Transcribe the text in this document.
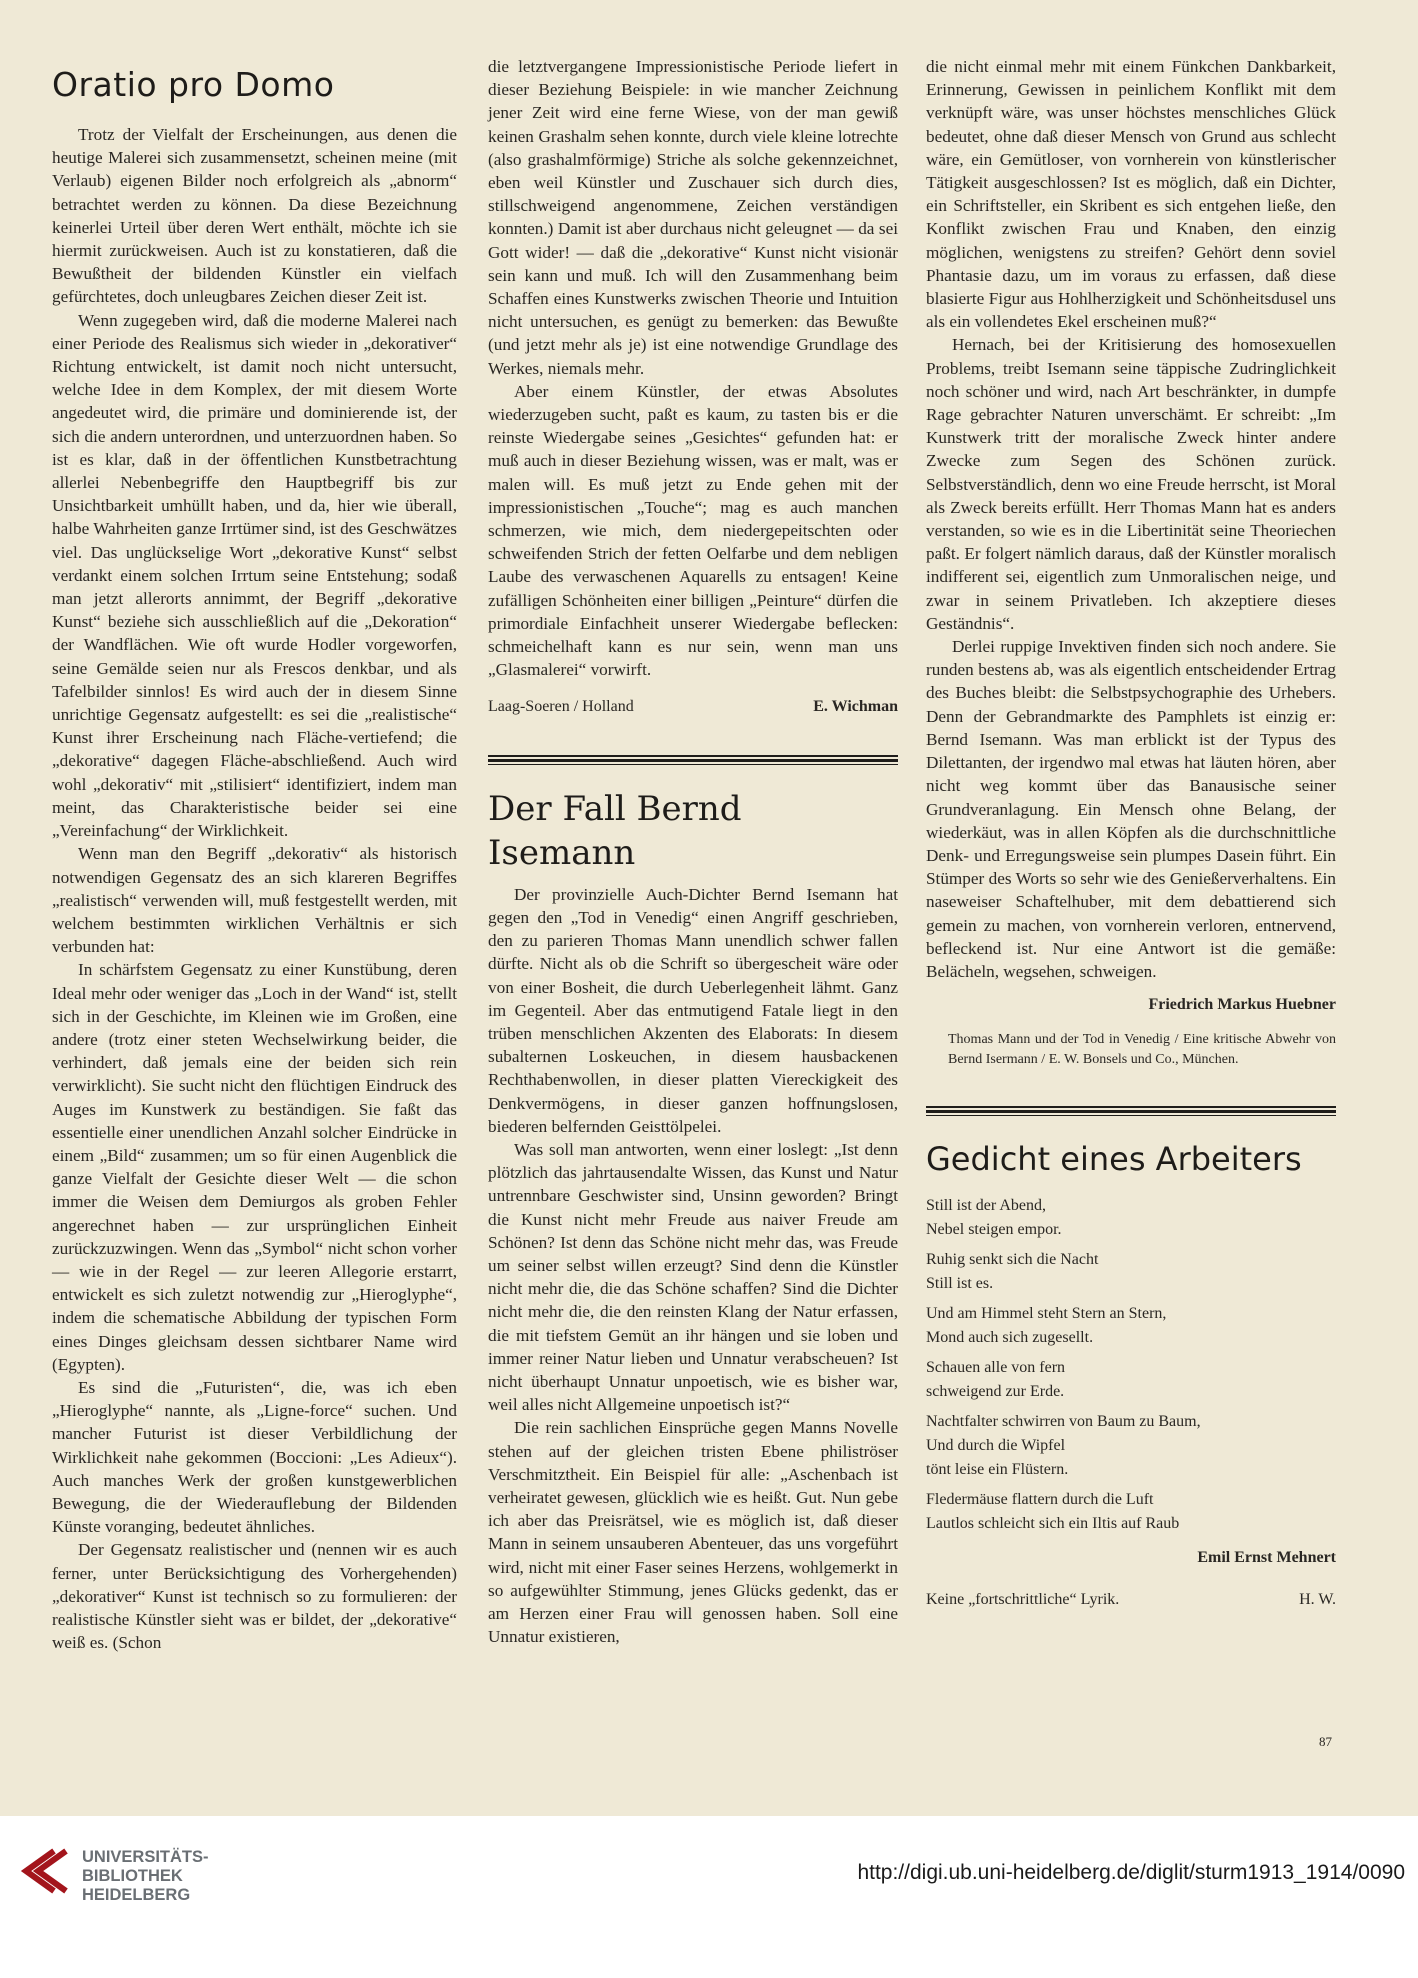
Oratio pro Domo

Trotz der Vielfalt der Erscheinungen, aus denen die heutige Malerei sich zusammensetzt, scheinen meine (mit Verlaub) eigenen Bilder noch erfolgreich als „abnorm“ betrachtet werden zu können. Da diese Bezeichnung keinerlei Urteil über deren Wert enthält, möchte ich sie hiermit zurückweisen. Auch ist zu konstatieren, daß die Bewußtheit der bildenden Künstler ein vielfach gefürchtetes, doch unleugbares Zeichen dieser Zeit ist.

Wenn zugegeben wird, daß die moderne Malerei nach einer Periode des Realismus sich wieder in „dekorativer“ Richtung entwickelt, ist damit noch nicht untersucht, welche Idee in dem Komplex, der mit diesem Worte angedeutet wird, die primäre und dominierende ist, der sich die andern unterordnen, und unterzuordnen haben. So ist es klar, daß in der öffentlichen Kunstbetrachtung allerlei Nebenbegriffe den Hauptbegriff bis zur Unsichtbarkeit umhüllt haben, und da, hier wie überall, halbe Wahrheiten ganze Irrtümer sind, ist des Geschwätzes viel. Das unglückselige Wort „dekorative Kunst“ selbst verdankt einem solchen Irrtum seine Entstehung; sodaß man jetzt allerorts annimmt, der Begriff „dekorative Kunst“ beziehe sich ausschließlich auf die „Dekoration“ der Wandflächen. Wie oft wurde Hodler vorgeworfen, seine Gemälde seien nur als Frescos denkbar, und als Tafelbilder sinnlos! Es wird auch der in diesem Sinne unrichtige Gegensatz aufgestellt: es sei die „realistische“ Kunst ihrer Erscheinung nach Fläche-vertiefend; die „dekorative“ dagegen Fläche-abschließend. Auch wird wohl „dekorativ“ mit „stilisiert“ identifiziert, indem man meint, das Charakteristische beider sei eine „Vereinfachung“ der Wirklichkeit.

Wenn man den Begriff „dekorativ“ als historisch notwendigen Gegensatz des an sich klareren Begriffes „realistisch“ verwenden will, muß festgestellt werden, mit welchem bestimmten wirklichen Verhältnis er sich verbunden hat:

In schärfstem Gegensatz zu einer Kunstübung, deren Ideal mehr oder weniger das „Loch in der Wand“ ist, stellt sich in der Geschichte, im Kleinen wie im Großen, eine andere (trotz einer steten Wechselwirkung beider, die verhindert, daß jemals eine der beiden sich rein verwirklicht). Sie sucht nicht den flüchtigen Eindruck des Auges im Kunstwerk zu beständigen. Sie faßt das essentielle einer unendlichen Anzahl solcher Eindrücke in einem „Bild“ zusammen; um so für einen Augenblick die ganze Vielfalt der Gesichte dieser Welt — die schon immer die Weisen dem Demiurgos als groben Fehler angerechnet haben — zur ursprünglichen Einheit zurückzuzwingen. Wenn das „Symbol“ nicht schon vorher — wie in der Regel — zur leeren Allegorie erstarrt, entwickelt es sich zuletzt notwendig zur „Hieroglyphe“, indem die schematische Abbildung der typischen Form eines Dinges gleichsam dessen sichtbarer Name wird (Egypten).

Es sind die „Futuristen“, die, was ich eben „Hieroglyphe“ nannte, als „Ligne-force“ suchen. Und mancher Futurist ist dieser Verbildlichung der Wirklichkeit nahe gekommen (Boccioni: „Les Adieux“). Auch manches Werk der großen kunstgewerblichen Bewegung, die der Wiederauflebung der Bildenden Künste voranging, bedeutet ähnliches.

Der Gegensatz realistischer und (nennen wir es auch ferner, unter Berücksichtigung des Vorhergehenden) „dekorativer“ Kunst ist technisch so zu formulieren: der realistische Künstler sieht was er bildet, der „dekorative“ weiß es. (Schon

die letztvergangene Impressionistische Periode liefert in dieser Beziehung Beispiele: in wie mancher Zeichnung jener Zeit wird eine ferne Wiese, von der man gewiß keinen Grashalm sehen konnte, durch viele kleine lotrechte (also grashalmförmige) Striche als solche gekennzeichnet, eben weil Künstler und Zuschauer sich durch dies, stillschweigend angenommene, Zeichen verständigen konnten.) Damit ist aber durchaus nicht geleugnet — da sei Gott wider! — daß die „dekorative“ Kunst nicht visionär sein kann und muß. Ich will den Zusammenhang beim Schaffen eines Kunstwerks zwischen Theorie und Intuition nicht untersuchen, es genügt zu bemerken: das Bewußte (und jetzt mehr als je) ist eine notwendige Grundlage des Werkes, niemals mehr.

Aber einem Künstler, der etwas Absolutes wiederzugeben sucht, paßt es kaum, zu tasten bis er die reinste Wiedergabe seines „Gesichtes“ gefunden hat: er muß auch in dieser Beziehung wissen, was er malt, was er malen will. Es muß jetzt zu Ende gehen mit der impressionistischen „Touche“; mag es auch manchen schmerzen, wie mich, dem niedergepeitschten oder schweifenden Strich der fetten Oelfarbe und dem nebligen Laube des verwaschenen Aquarells zu entsagen! Keine zufälligen Schönheiten einer billigen „Peinture“ dürfen die primordiale Einfachheit unserer Wiedergabe beflecken: schmeichelhaft kann es nur sein, wenn man uns „Glasmalerei“ vorwirft.

Laag-Soeren / Holland	E. Wichman
Der Fall Bernd Isemann

Der provinzielle Auch-Dichter Bernd Isemann hat gegen den „Tod in Venedig“ einen Angriff geschrieben, den zu parieren Thomas Mann unendlich schwer fallen dürfte. Nicht als ob die Schrift so übergescheit wäre oder von einer Bosheit, die durch Ueberlegenheit lähmt. Ganz im Gegenteil. Aber das entmutigend Fatale liegt in den trüben menschlichen Akzenten des Elaborats: In diesem subalternen Loskeuchen, in diesem hausbackenen Rechthabenwollen, in dieser platten Viereckigkeit des Denkvermögens, in dieser ganzen hoffnungslosen, biederen belfernden Geisttölpelei.

Was soll man antworten, wenn einer loslegt: „Ist denn plötzlich das jahrtausendalte Wissen, das Kunst und Natur untrennbare Geschwister sind, Unsinn geworden? Bringt die Kunst nicht mehr Freude aus naiver Freude am Schönen? Ist denn das Schöne nicht mehr das, was Freude um seiner selbst willen erzeugt? Sind denn die Künstler nicht mehr die, die das Schöne schaffen? Sind die Dichter nicht mehr die, die den reinsten Klang der Natur erfassen, die mit tiefstem Gemüt an ihr hängen und sie loben und immer reiner Natur lieben und Unnatur verabscheuen? Ist nicht überhaupt Unnatur unpoetisch, wie es bisher war, weil alles nicht Allgemeine unpoetisch ist?“

Die rein sachlichen Einsprüche gegen Manns Novelle stehen auf der gleichen tristen Ebene philiströser Verschmitztheit. Ein Beispiel für alle: „Aschenbach ist verheiratet gewesen, glücklich wie es heißt. Gut. Nun gebe ich aber das Preisrätsel, wie es möglich ist, daß dieser Mann in seinem unsauberen Abenteuer, das uns vorgeführt wird, nicht mit einer Faser seines Herzens, wohlgemerkt in so aufgewühlter Stimmung, jenes Glücks gedenkt, das er am Herzen einer Frau will genossen haben. Soll eine Unnatur existieren,

die nicht einmal mehr mit einem Fünkchen Dankbarkeit, Erinnerung, Gewissen in peinlichem Konflikt mit dem verknüpft wäre, was unser höchstes menschliches Glück bedeutet, ohne daß dieser Mensch von Grund aus schlecht wäre, ein Gemütloser, von vornherein von künstlerischer Tätigkeit ausgeschlossen? Ist es möglich, daß ein Dichter, ein Schriftsteller, ein Skribent es sich entgehen ließe, den Konflikt zwischen Frau und Knaben, den einzig möglichen, wenigstens zu streifen? Gehört denn soviel Phantasie dazu, um im voraus zu erfassen, daß diese blasierte Figur aus Hohlherzigkeit und Schönheitsdusel uns als ein vollendetes Ekel erscheinen muß?“

Hernach, bei der Kritisierung des homosexuellen Problems, treibt Isemann seine täppische Zudringlichkeit noch schöner und wird, nach Art beschränkter, in dumpfe Rage gebrachter Naturen unverschämt. Er schreibt: „Im Kunstwerk tritt der moralische Zweck hinter andere Zwecke zum Segen des Schönen zurück. Selbstverständlich, denn wo eine Freude herrscht, ist Moral als Zweck bereits erfüllt. Herr Thomas Mann hat es anders verstanden, so wie es in die Libertinität seine Theoriechen paßt. Er folgert nämlich daraus, daß der Künstler moralisch indifferent sei, eigentlich zum Unmoralischen neige, und zwar in seinem Privatleben. Ich akzeptiere dieses Geständnis“.

Derlei ruppige Invektiven finden sich noch andere. Sie runden bestens ab, was als eigentlich entscheidender Ertrag des Buches bleibt: die Selbstpsychographie des Urhebers. Denn der Gebrandmarkte des Pamphlets ist einzig er: Bernd Isemann. Was man erblickt ist der Typus des Dilettanten, der irgendwo mal etwas hat läuten hören, aber nicht weg kommt über das Banausische seiner Grundveranlagung. Ein Mensch ohne Belang, der wiederkäut, was in allen Köpfen als die durchschnittliche Denk- und Erregungsweise sein plumpes Dasein führt. Ein Stümper des Worts so sehr wie des Genießerverhaltens. Ein naseweiser Schaftelhuber, mit dem debattierend sich gemein zu machen, von vornherein verloren, entnervend, befleckend ist. Nur eine Antwort ist die gemäße: Belächeln, wegsehen, schweigen.

Friedrich Markus Huebner
Thomas Mann und der Tod in Venedig / Eine kritische Abwehr von Bernd Isermann / E. W. Bonsels und Co., München.
Gedicht eines Arbeiters
Still ist der Abend,
Nebel steigen empor.
Ruhig senkt sich die Nacht
Still ist es.
Und am Himmel steht Stern an Stern,
Mond auch sich zugesellt.
Schauen alle von fern
schweigend zur Erde.
Nachtfalter schwirren von Baum zu Baum,
Und durch die Wipfel
tönt leise ein Flüstern.
Fledermäuse flattern durch die Luft
Lautlos schleicht sich ein Iltis auf Raub
Emil Ernst Mehnert
Keine „fortschrittliche“ Lyrik.	H. W.
87
UNIVERSITÄTS-
BIBLIOTHEK
HEIDELBERG
http://digi.ub.uni-heidelberg.de/diglit/sturm1913_1914/0090
